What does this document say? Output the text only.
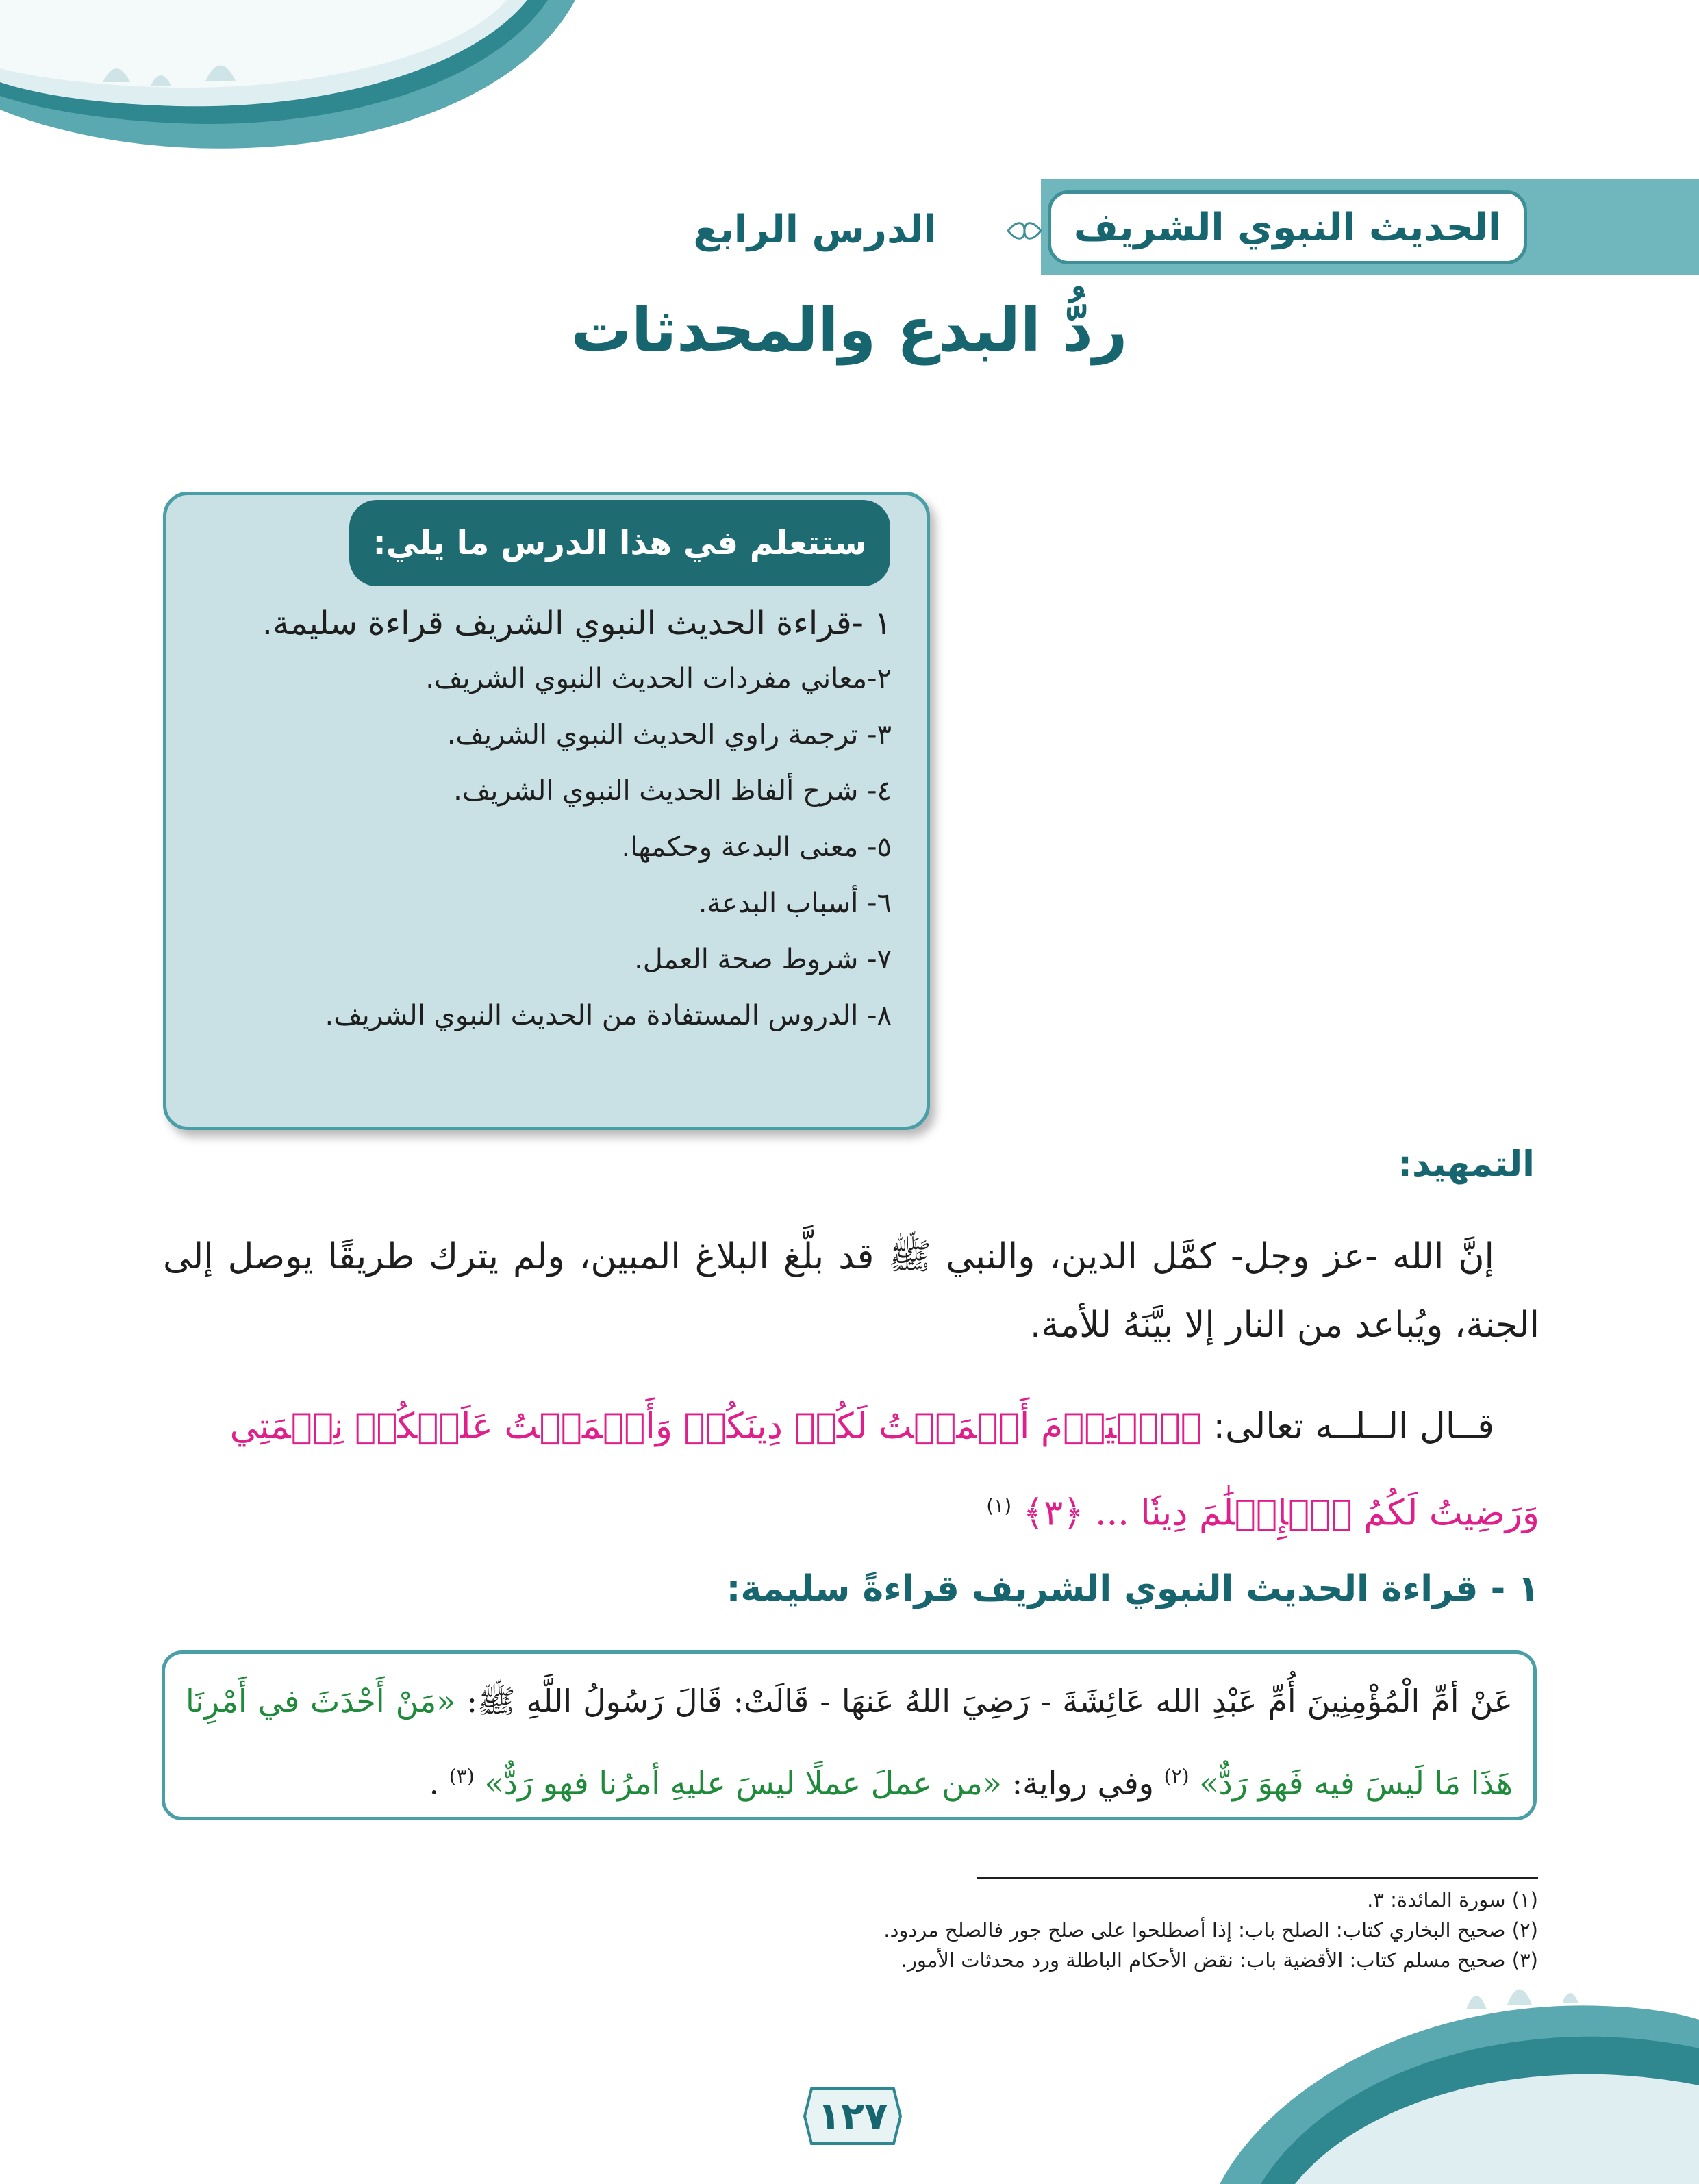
الحديث النبوي الشريف
الدرس الرابع
ردُّ البدع والمحدثات
ستتعلم في هذا الدرس ما يلي:
١ -قراءة الحديث النبوي الشريف قراءة سليمة.
٢-معاني مفردات الحديث النبوي الشريف.
٣- ترجمة راوي الحديث النبوي الشريف.
٤- شرح ألفاظ الحديث النبوي الشريف.
٥- معنى البدعة وحكمها.
٦- أسباب البدعة.
٧- شروط صحة العمل.
٨- الدروس المستفادة من الحديث النبوي الشريف.
التمهيد:
إنَّ الله -عز وجل- كمَّل الدين، والنبي ﷺ قد بلَّغ البلاغ المبين، ولم يترك طريقًا يوصل إلى الجنة، ويُباعد من النار إلا بيَّنَهُ للأمة.
قــال الــلــه تعالى: ﴿ٱلۡيَوۡمَ أَكۡمَلۡتُ لَكُمۡ دِينَكُمۡ وَأَتۡمَمۡتُ عَلَيۡكُمۡ نِعۡمَتِي وَرَضِيتُ لَكُمُ ٱلۡإِسۡلَٰمَ دِينٗا ... ﴿٣﴾ $^{(١)}$
١ - قراءة الحديث النبوي الشريف قراءةً سليمة:
عَنْ أمِّ الْمُؤْمِنِينَ أُمِّ عَبْدِ الله عَائِشَةَ - رَضِيَ اللهُ عَنهَا - قَالَتْ: قَالَ رَسُولُ اللَّهِ ﷺ: «مَنْ أَحْدَثَ في أَمْرِنَا هَذَا مَا لَيسَ فيه فَهوَ رَدٌّ» $^{(٢)}$ وفي رواية: «من عملَ عملًا ليسَ عليهِ أمرُنا فهو رَدٌّ» $^{(٣)}$ .
(١) سورة المائدة: ٣.
(٢) صحيح البخاري كتاب: الصلح باب: إذا أصطلحوا على صلح جور فالصلح مردود.
(٣) صحيح مسلم كتاب: الأقضية باب: نقض الأحكام الباطلة ورد محدثات الأمور.
١٢٧
